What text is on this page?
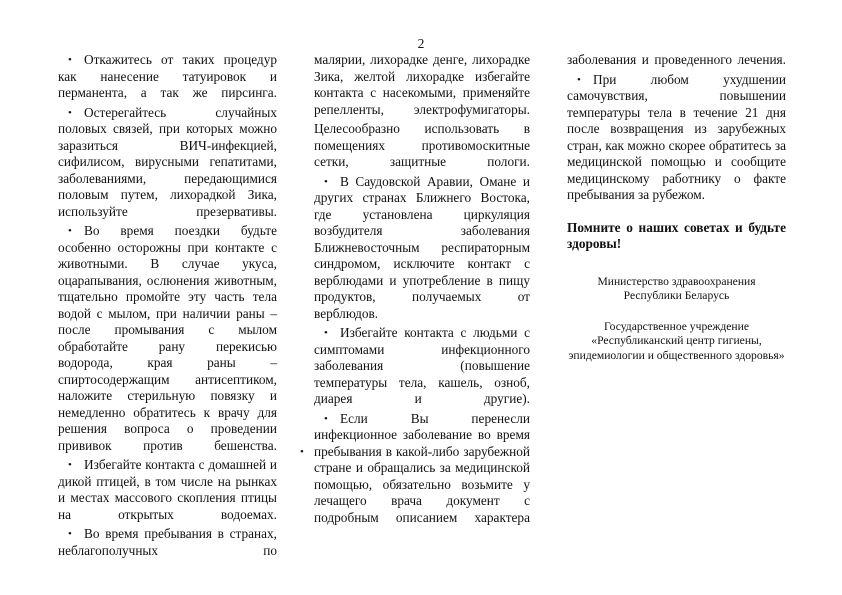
2

• Откажитесь от таких процедур как нанесение татуировок и перманента, а так же пирсинга.

• Остерегайтесь случайных половых связей, при которых можно заразиться ВИЧ-инфекцией, сифилисом, вирусными гепатитами, заболеваниями, передающимися половым путем, лихорадкой Зика, используйте презервативы.

• Во время поездки будьте особенно осторожны при контакте с животными. В случае укуса, оцарапывания, ослюнения животным, тщательно промойте эту часть тела водой с мылом, при наличии раны – после промывания с мылом обработайте рану перекисью водорода, края раны – спиртосодержащим антисептиком, наложите стерильную повязку и немедленно обратитесь к врачу для решения вопроса о проведении прививок против бешенства.

• Избегайте контакта с домашней и дикой птицей, в том числе на рынках и местах массового скопления птицы на открытых водоемах.

• Во время пребывания в странах, неблагополучных по

малярии, лихорадке денге, лихорадке Зика, желтой лихорадке избегайте контакта с насекомыми, применяйте репелленты, электрофумигаторы.

Целесообразно использовать в помещениях противомоскитные сетки, защитные пологи.

• В Саудовской Аравии, Омане и других странах Ближнего Востока, где установлена циркуляция возбудителя заболевания Ближневосточным респираторным синдромом, исключите контакт с верблюдами и употребление в пищу продуктов, получаемых от верблюдов.

• Избегайте контакта с людьми с симптомами инфекционного заболевания (повышение температуры тела, кашель, озноб, диарея и другие).

• Если Вы перенесли инфекционное заболевание во время пребывания в какой-либо зарубежной стране и обращались за медицинской помощью, обязательно возьмите у лечащего врача документ с подробным описанием характера

•

заболевания и проведенного лечения.

• При любом ухудшении самочувствия, повышении температуры тела в течение 21 дня после возвращения из зарубежных стран, как можно скорее обратитесь за медицинской помощью и сообщите медицинскому работнику о факте пребывания за рубежом.

Помните о наших советах и будьте здоровы!

Министерство здравоохранения

Республики Беларусь

Государственное учреждение

«Республиканский центр гигиены,

эпидемиологии и общественного здоровья»
